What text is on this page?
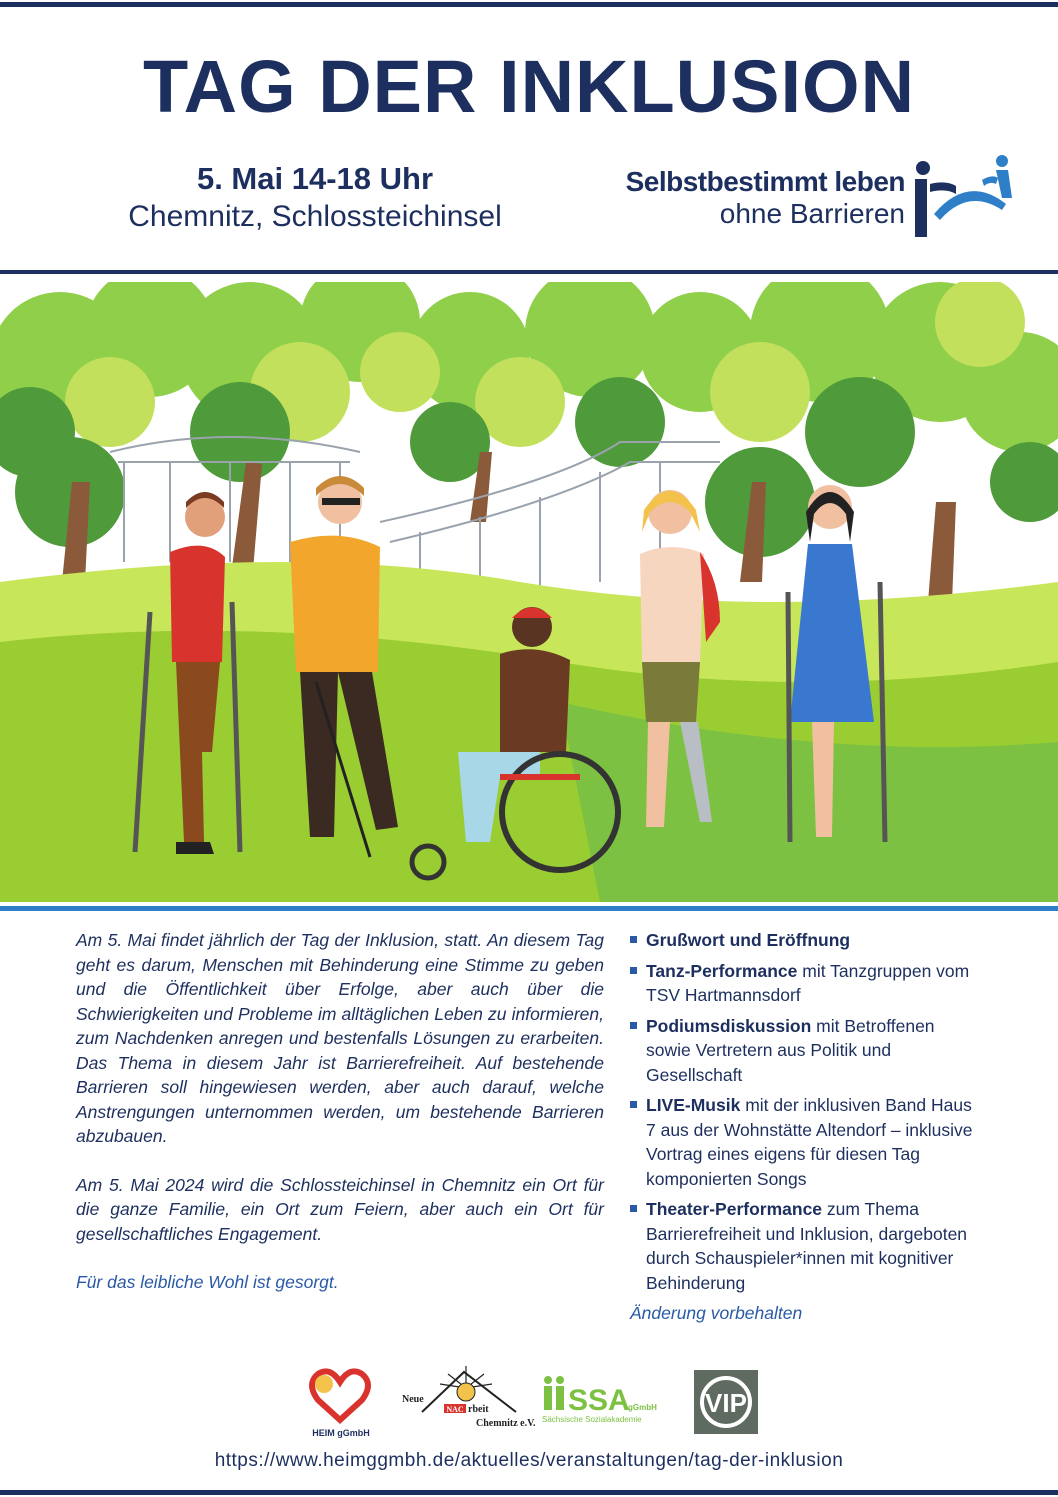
TAG DER INKLUSION
5. Mai 14-18 Uhr
Chemnitz, Schlossteichinsel
Selbstbestimmt leben
ohne Barrieren

Am 5. Mai findet jährlich der Tag der Inklusion, statt. An diesem Tag geht es darum, Menschen mit Behinderung eine Stimme zu geben und die Öffentlichkeit über Erfolge, aber auch über die Schwierigkeiten und Probleme im alltäglichen Leben zu informieren, zum Nachdenken anregen und bestenfalls Lösungen zu erarbeiten. Das Thema in diesem Jahr ist Barrierefreiheit. Auf bestehende Barrieren soll hingewiesen werden, aber auch darauf, welche Anstrengungen unternommen werden, um bestehende Barrieren abzubauen.

Am 5. Mai 2024 wird die Schlossteichinsel in Chemnitz ein Ort für die ganze Familie, ein Ort zum Feiern, aber auch ein Ort für gesellschaftliches Engagement.

Für das leibliche Wohl ist gesorgt.

Grußwort und Eröffnung
Tanz-Performance mit Tanzgruppen vom TSV Hartmannsdorf
Podiumsdiskussion mit Betroffenen sowie Vertretern aus Politik und Gesellschaft
LIVE-Musik mit der inklusiven Band Haus 7 aus der Wohnstätte Altendorf – inklusive Vortrag eines eigens für diesen Tag komponierten Songs
Theater-Performance zum Thema Barrierefreiheit und Inklusion, dargeboten durch Schauspieler*innen mit kognitiver Behinderung
Änderung vorbehalten
HEIM gGmbH
Neue
NAC rbeit
Chemnitz e.V.
SSA
gGmbH
Sächsische Sozialakademie
VIP
https://www.heimggmbh.de/aktuelles/veranstaltungen/tag-der-inklusion
